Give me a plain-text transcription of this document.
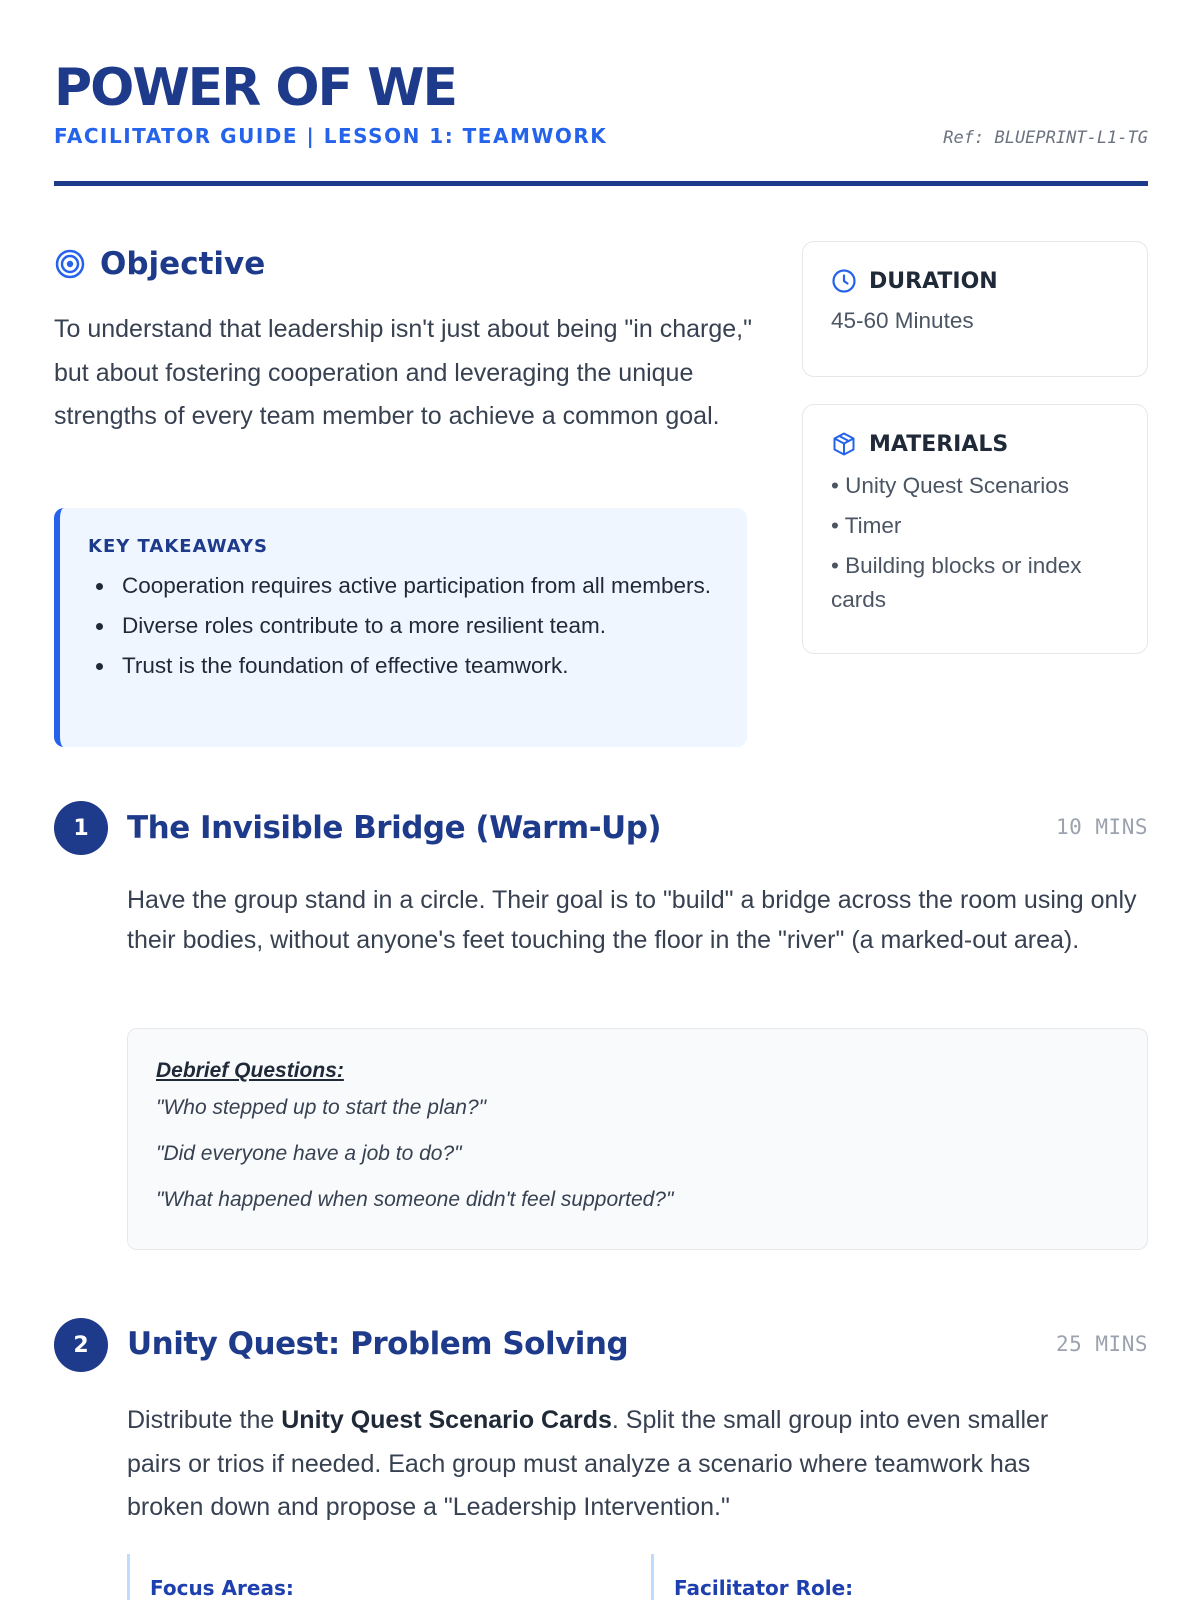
POWER OF WE
FACILITATOR GUIDE | LESSON 1: TEAMWORK	Ref: BLUEPRINT-L1-TG
Objective

To understand that leadership isn't just about being "in charge," but about fostering cooperation and leveraging the unique strengths of every team member to achieve a common goal.

KEY TAKEAWAYS
Cooperation requires active participation from all members.
Diverse roles contribute to a more resilient team.
Trust is the foundation of effective teamwork.
DURATION
45-60 Minutes
MATERIALS
• Unity Quest Scenarios
• Timer
• Building blocks or index cards
1	The Invisible Bridge (Warm-Up)	10 MINS

Have the group stand in a circle. Their goal is to "build" a bridge across the room using only their bodies, without anyone's feet touching the floor in the "river" (a marked-out area).

Debrief Questions:
"Who stepped up to start the plan?"
"Did everyone have a job to do?"
"What happened when someone didn't feel supported?"
2	Unity Quest: Problem Solving	25 MINS

Distribute the Unity Quest Scenario Cards. Split the small group into even smaller pairs or trios if needed. Each group must analyze a scenario where teamwork has broken down and propose a "Leadership Intervention."

Focus Areas:	Facilitator Role:
